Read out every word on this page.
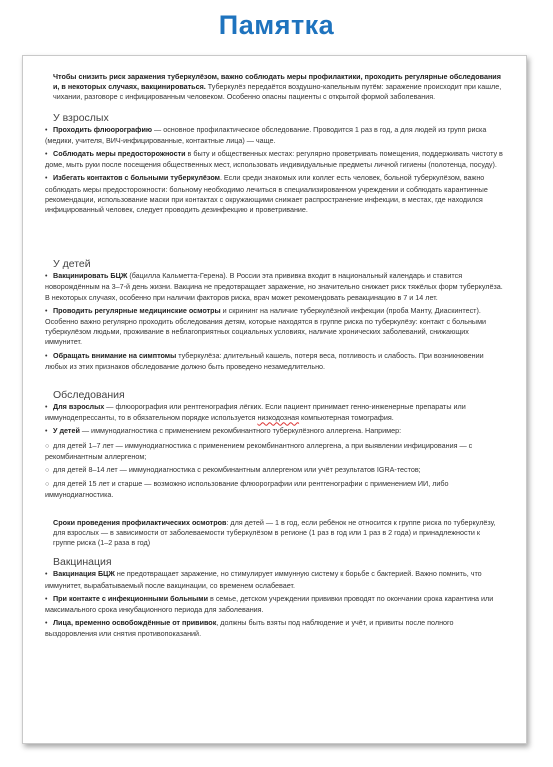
Памятка

Чтобы снизить риск заражения туберкулёзом, важно соблюдать меры профилактики, проходить регулярные обследования и, в некоторых случаях, вакцинироваться. Туберкулёз передаётся воздушно-капельным путём: заражение происходит при кашле, чихании, разговоре с инфицированным человеком. Особенно опасны пациенты с открытой формой заболевания.

У взрослых

• Проходить флюорографию — основное профилактическое обследование. Проводится 1 раз в год, а для людей из групп риска (медики, учителя, ВИЧ-инфицированные, контактные лица) — чаще.
• Соблюдать меры предосторожности в быту и общественных местах: регулярно проветривать помещения, поддерживать чистоту в доме, мыть руки после посещения общественных мест, использовать индивидуальные предметы личной гигиены (полотенца, посуду).
• Избегать контактов с больными туберкулёзом. Если среди знакомых или коллег есть человек, больной туберкулёзом, важно соблюдать меры предосторожности: больному необходимо лечиться в специализированном учреждении и соблюдать карантинные рекомендации, использование маски при контактах с окружающими снижает распространение инфекции, в местах, где находился инфицированный человек, следует проводить дезинфекцию и проветривание.

У детей

• Вакцинировать БЦЖ (бацилла Кальметта-Герена). В России эта прививка входит в национальный календарь и ставится новорождённым на 3–7-й день жизни. Вакцина не предотвращает заражение, но значительно снижает риск тяжёлых форм туберкулёза. В некоторых случаях, особенно при наличии факторов риска, врач может рекомендовать ревакцинацию в 7 и 14 лет.
• Проводить регулярные медицинские осмотры и скрининг на наличие туберкулёзной инфекции (проба Манту, Диаскинтест). Особенно важно регулярно проходить обследования детям, которые находятся в группе риска по туберкулёзу: контакт с больными туберкулёзом людьми, проживание в неблагоприятных социальных условиях, наличие хронических заболеваний, снижающих иммунитет.
• Обращать внимание на симптомы туберкулёза: длительный кашель, потеря веса, потливость и слабость. При возникновении любых из этих признаков обследование должно быть проведено незамедлительно.

Обследования

• Для взрослых — флюорография или рентгенография лёгких. Если пациент принимает генно-инженерные препараты или иммунодепрессанты, то в обязательном порядке используется низкодозная компьютерная томография.
• У детей — иммунодиагностика с применением рекомбинантного туберкулёзного аллергена. Например:
○ для детей 1–7 лет — иммунодиагностика с применением рекомбинантного аллергена, а при выявлении инфицирования — с рекомбинантным аллергеном;
○ для детей 8–14 лет — иммунодиагностика с рекомбинантным аллергеном или учёт результатов IGRA-тестов;
○ для детей 15 лет и старше — возможно использование флюорографии или рентгенографии с применением ИИ, либо иммунодиагностика.

Сроки проведения профилактических осмотров: для детей — 1 в год, если ребёнок не относится к группе риска по туберкулёзу, для взрослых — в зависимости от заболеваемости туберкулёзом в регионе (1 раз в год или 1 раз в 2 года) и принадлежности к группе риска (1–2 раза в год)

Вакцинация

• Вакцинация БЦЖ не предотвращает заражение, но стимулирует иммунную систему к борьбе с бактерией. Важно помнить, что иммунитет, вырабатываемый после вакцинации, со временем ослабевает.
• При контакте с инфекционными больными в семье, детском учреждении прививки проводят по окончании срока карантина или максимального срока инкубационного периода для заболевания.
• Лица, временно освобождённые от прививок, должны быть взяты под наблюдение и учёт, и привиты после полного выздоровления или снятия противопоказаний.
